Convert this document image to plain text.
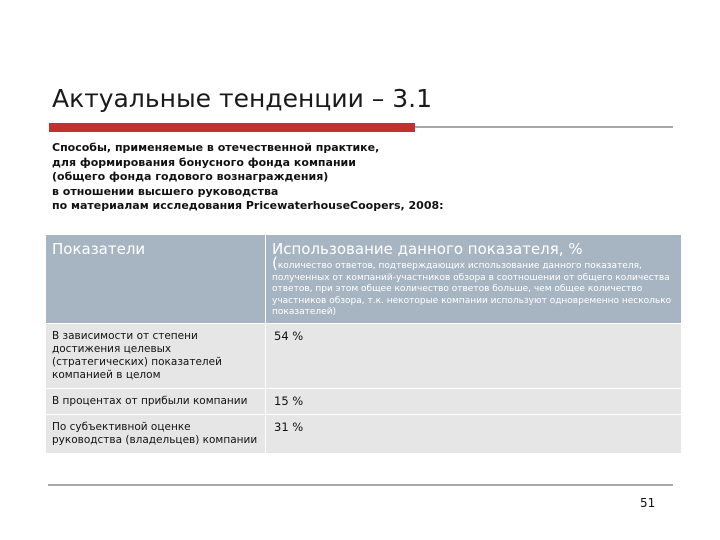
Актуальные тенденции – 3.1
Способы, применяемые в отечественной практике,
для формирования бонусного фонда компании
(общего фонда годового вознаграждения)
в отношении высшего руководства
по материалам исследования PricewaterhouseCoopers, 2008:
Показатели	Использование данного показателя, %
(количество ответов, подтверждающих использование данного показателя, полученных от компаний-участников обзора в соотношении от общего количества ответов, при этом общее количество ответов больше, чем общее количество участников обзора, т.к. некоторые компании используют одновременно несколько показателей)

В зависимости от степени достижения целевых (стратегических) показателей компанией в целом	54 %
В процентах от прибыли компании	15 %
По субъективной оценке руководства (владельцев) компании	31 %
51
